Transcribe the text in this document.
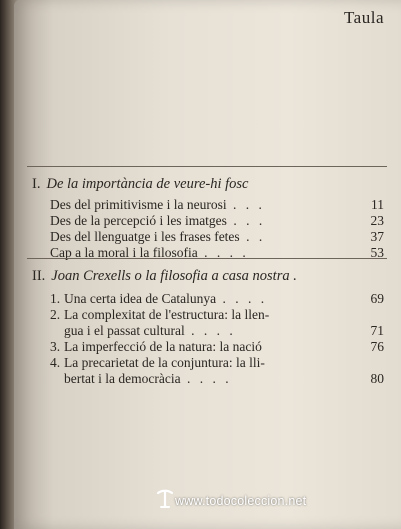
Taula
I. De la importància de veure-hi fosc
Des del primitivisme i la neurosi . . .	11
Des de la percepció i les imatges . . .	23
Des del llenguatge i les frases fetes . .	37
Cap a la moral i la filosofia . . . .	53
II. Joan Crexells o la filosofia a casa nostra .
1. Una certa idea de Catalunya . . . .	69
2. La complexitat de l'estructura: la llen-
gua i el passat cultural . . . .	71
3. La imperfecció de la natura: la nació	76
4. La precarietat de la conjuntura: la lli-
bertat i la democràcia . . . .	80
www.todocoleccion.net
